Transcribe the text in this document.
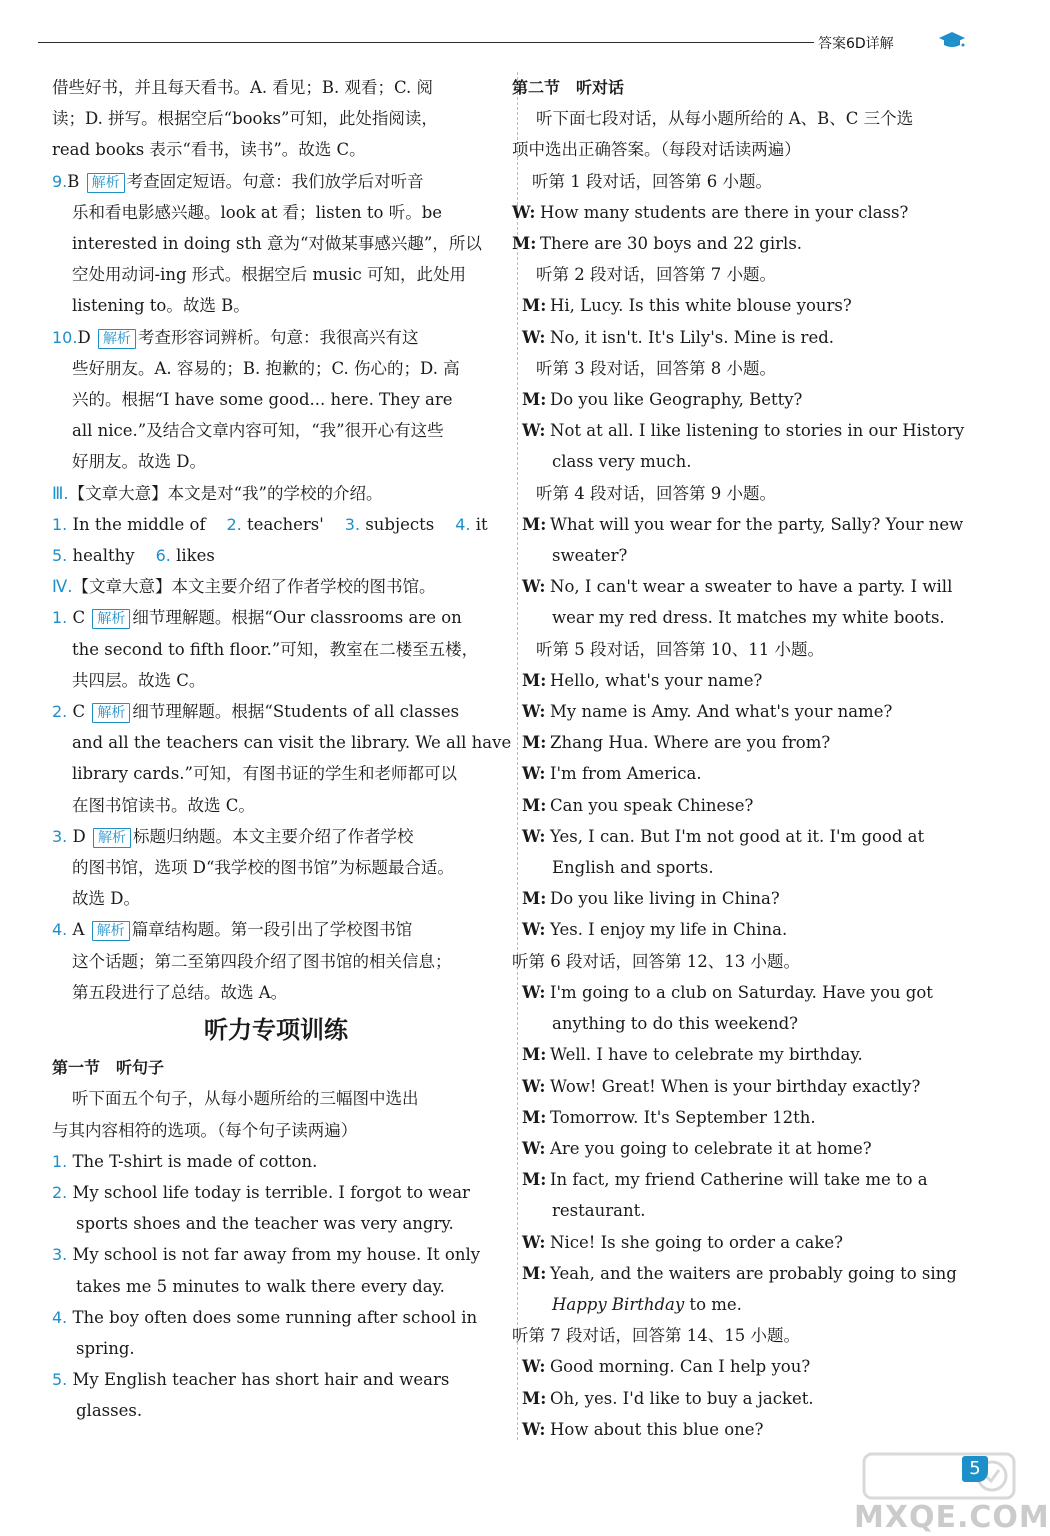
答案6D详解
借些好书，并且每天看书。A. 看见；B. 观看；C. 阅
读；D. 拼写。根据空后“books”可知，此处指阅读，
read books 表示“看书，读书”。故选 C。
9.B 解析 考查固定短语。句意：我们放学后对听音
乐和看电影感兴趣。look at 看；listen to 听。be
interested in doing sth 意为“对做某事感兴趣”，所以
空处用动词-ing 形式。根据空后 music 可知，此处用
listening to。故选 B。
10.D 解析 考查形容词辨析。句意：我很高兴有这
些好朋友。A. 容易的；B. 抱歉的；C. 伤心的；D. 高
兴的。根据“I have some good... here. They are
all nice.”及结合文章内容可知，“我”很开心有这些
好朋友。故选 D。
Ⅲ.【文章大意】本文是对“我”的学校的介绍。
1. In the middle of 2. teachers' 3. subjects 4. it
5. healthy 6. likes
Ⅳ.【文章大意】本文主要介绍了作者学校的图书馆。
1. C 解析 细节理解题。根据“Our classrooms are on
the second to fifth floor.”可知，教室在二楼至五楼，
共四层。故选 C。
2. C 解析 细节理解题。根据“Students of all classes
and all the teachers can visit the library. We all have
library cards.”可知，有图书证的学生和老师都可以
在图书馆读书。故选 C。
3. D 解析 标题归纳题。本文主要介绍了作者学校
的图书馆，选项 D“我学校的图书馆”为标题最合适。
故选 D。
4. A 解析 篇章结构题。第一段引出了学校图书馆
这个话题；第二至第四段介绍了图书馆的相关信息；
第五段进行了总结。故选 A。
听力专项训练
第一节　听句子
听下面五个句子，从每小题所给的三幅图中选出
与其内容相符的选项。（每个句子读两遍）
1. The T-shirt is made of cotton.
2. My school life today is terrible. I forgot to wear
sports shoes and the teacher was very angry.
3. My school is not far away from my house. It only
takes me 5 minutes to walk there every day.
4. The boy often does some running after school in
spring.
5. My English teacher has short hair and wears
glasses.
第二节　听对话
听下面七段对话，从每小题所给的 A、B、C 三个选
项中选出正确答案。（每段对话读两遍）
听第 1 段对话，回答第 6 小题。
W: How many students are there in your class?
M: There are 30 boys and 22 girls.
听第 2 段对话，回答第 7 小题。
M: Hi, Lucy. Is this white blouse yours?
W: No, it isn't. It's Lily's. Mine is red.
听第 3 段对话，回答第 8 小题。
M: Do you like Geography, Betty?
W: Not at all. I like listening to stories in our History
class very much.
听第 4 段对话，回答第 9 小题。
M: What will you wear for the party, Sally? Your new
sweater?
W: No, I can't wear a sweater to have a party. I will
wear my red dress. It matches my white boots.
听第 5 段对话，回答第 10、11 小题。
M: Hello, what's your name?
W: My name is Amy. And what's your name?
M: Zhang Hua. Where are you from?
W: I'm from America.
M: Can you speak Chinese?
W: Yes, I can. But I'm not good at it. I'm good at
English and sports.
M: Do you like living in China?
W: Yes. I enjoy my life in China.
听第 6 段对话，回答第 12、13 小题。
W: I'm going to a club on Saturday. Have you got
anything to do this weekend?
M: Well. I have to celebrate my birthday.
W: Wow! Great! When is your birthday exactly?
M: Tomorrow. It's September 12th.
W: Are you going to celebrate it at home?
M: In fact, my friend Catherine will take me to a
restaurant.
W: Nice! Is she going to order a cake?
M: Yeah, and the waiters are probably going to sing
Happy Birthday to me.
听第 7 段对话，回答第 14、15 小题。
W: Good morning. Can I help you?
M: Oh, yes. I'd like to buy a jacket.
W: How about this blue one?
MXQE.COM
5
